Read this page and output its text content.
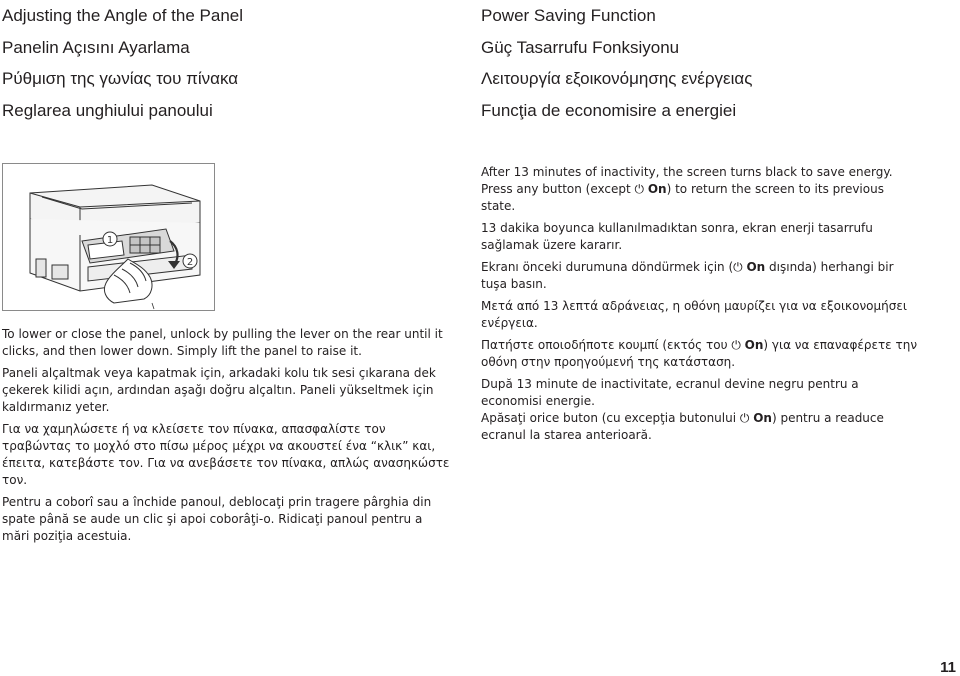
Adjusting the Angle of the Panel
Panelin Açısını Ayarlama
Ρύθμιση της γωνίας του πίνακα
Reglarea unghiului panoului
Power Saving Function
Güç Tasarrufu Fonksiyonu
Λειτουργία εξοικονόμησης ενέργειας
Funcţia de economisire a energiei
1
2

To lower or close the panel, unlock by pulling the lever on the rear until it clicks, and then lower down. Simply lift the panel to raise it.

Paneli alçaltmak veya kapatmak için, arkadaki kolu tık sesi çıkarana dek çekerek kilidi açın, ardından aşağı doğru alçaltın. Paneli yükseltmek için kaldırmanız yeter.

Για να χαμηλώσετε ή να κλείσετε τον πίνακα, απασφαλίστε τον τραβώντας το μοχλό στο πίσω μέρος μέχρι να ακουστεί ένα “κλικ” και, έπειτα, κατεβάστε τον. Για να ανεβάσετε τον πίνακα, απλώς ανασηκώστε τον.

Pentru a coborî sau a închide panoul, deblocaţi prin tragere pârghia din spate până se aude un clic şi apoi coborâţi-o. Ridicaţi panoul pentru a mări poziţia acestuia.

After 13 minutes of inactivity, the screen turns black to save energy.

Press any button (except ⏻ On) to return the screen to its previous state.

13 dakika boyunca kullanılmadıktan sonra, ekran enerji tasarrufu sağlamak üzere kararır.

Ekranı önceki durumuna döndürmek için (⏻ On dışında) herhangi bir tuşa basın.

Μετά από 13 λεπτά αδράνειας, η οθόνη μαυρίζει για να εξοικονομήσει ενέργεια.

Πατήστε οποιοδήποτε κουμπί (εκτός του ⏻ On) για να επαναφέρετε την οθόνη στην προηγούμενή της κατάσταση.

După 13 minute de inactivitate, ecranul devine negru pentru a economisi energie.

Apăsaţi orice buton (cu excepţia butonului ⏻ On) pentru a readuce ecranul la starea anterioară.

11
